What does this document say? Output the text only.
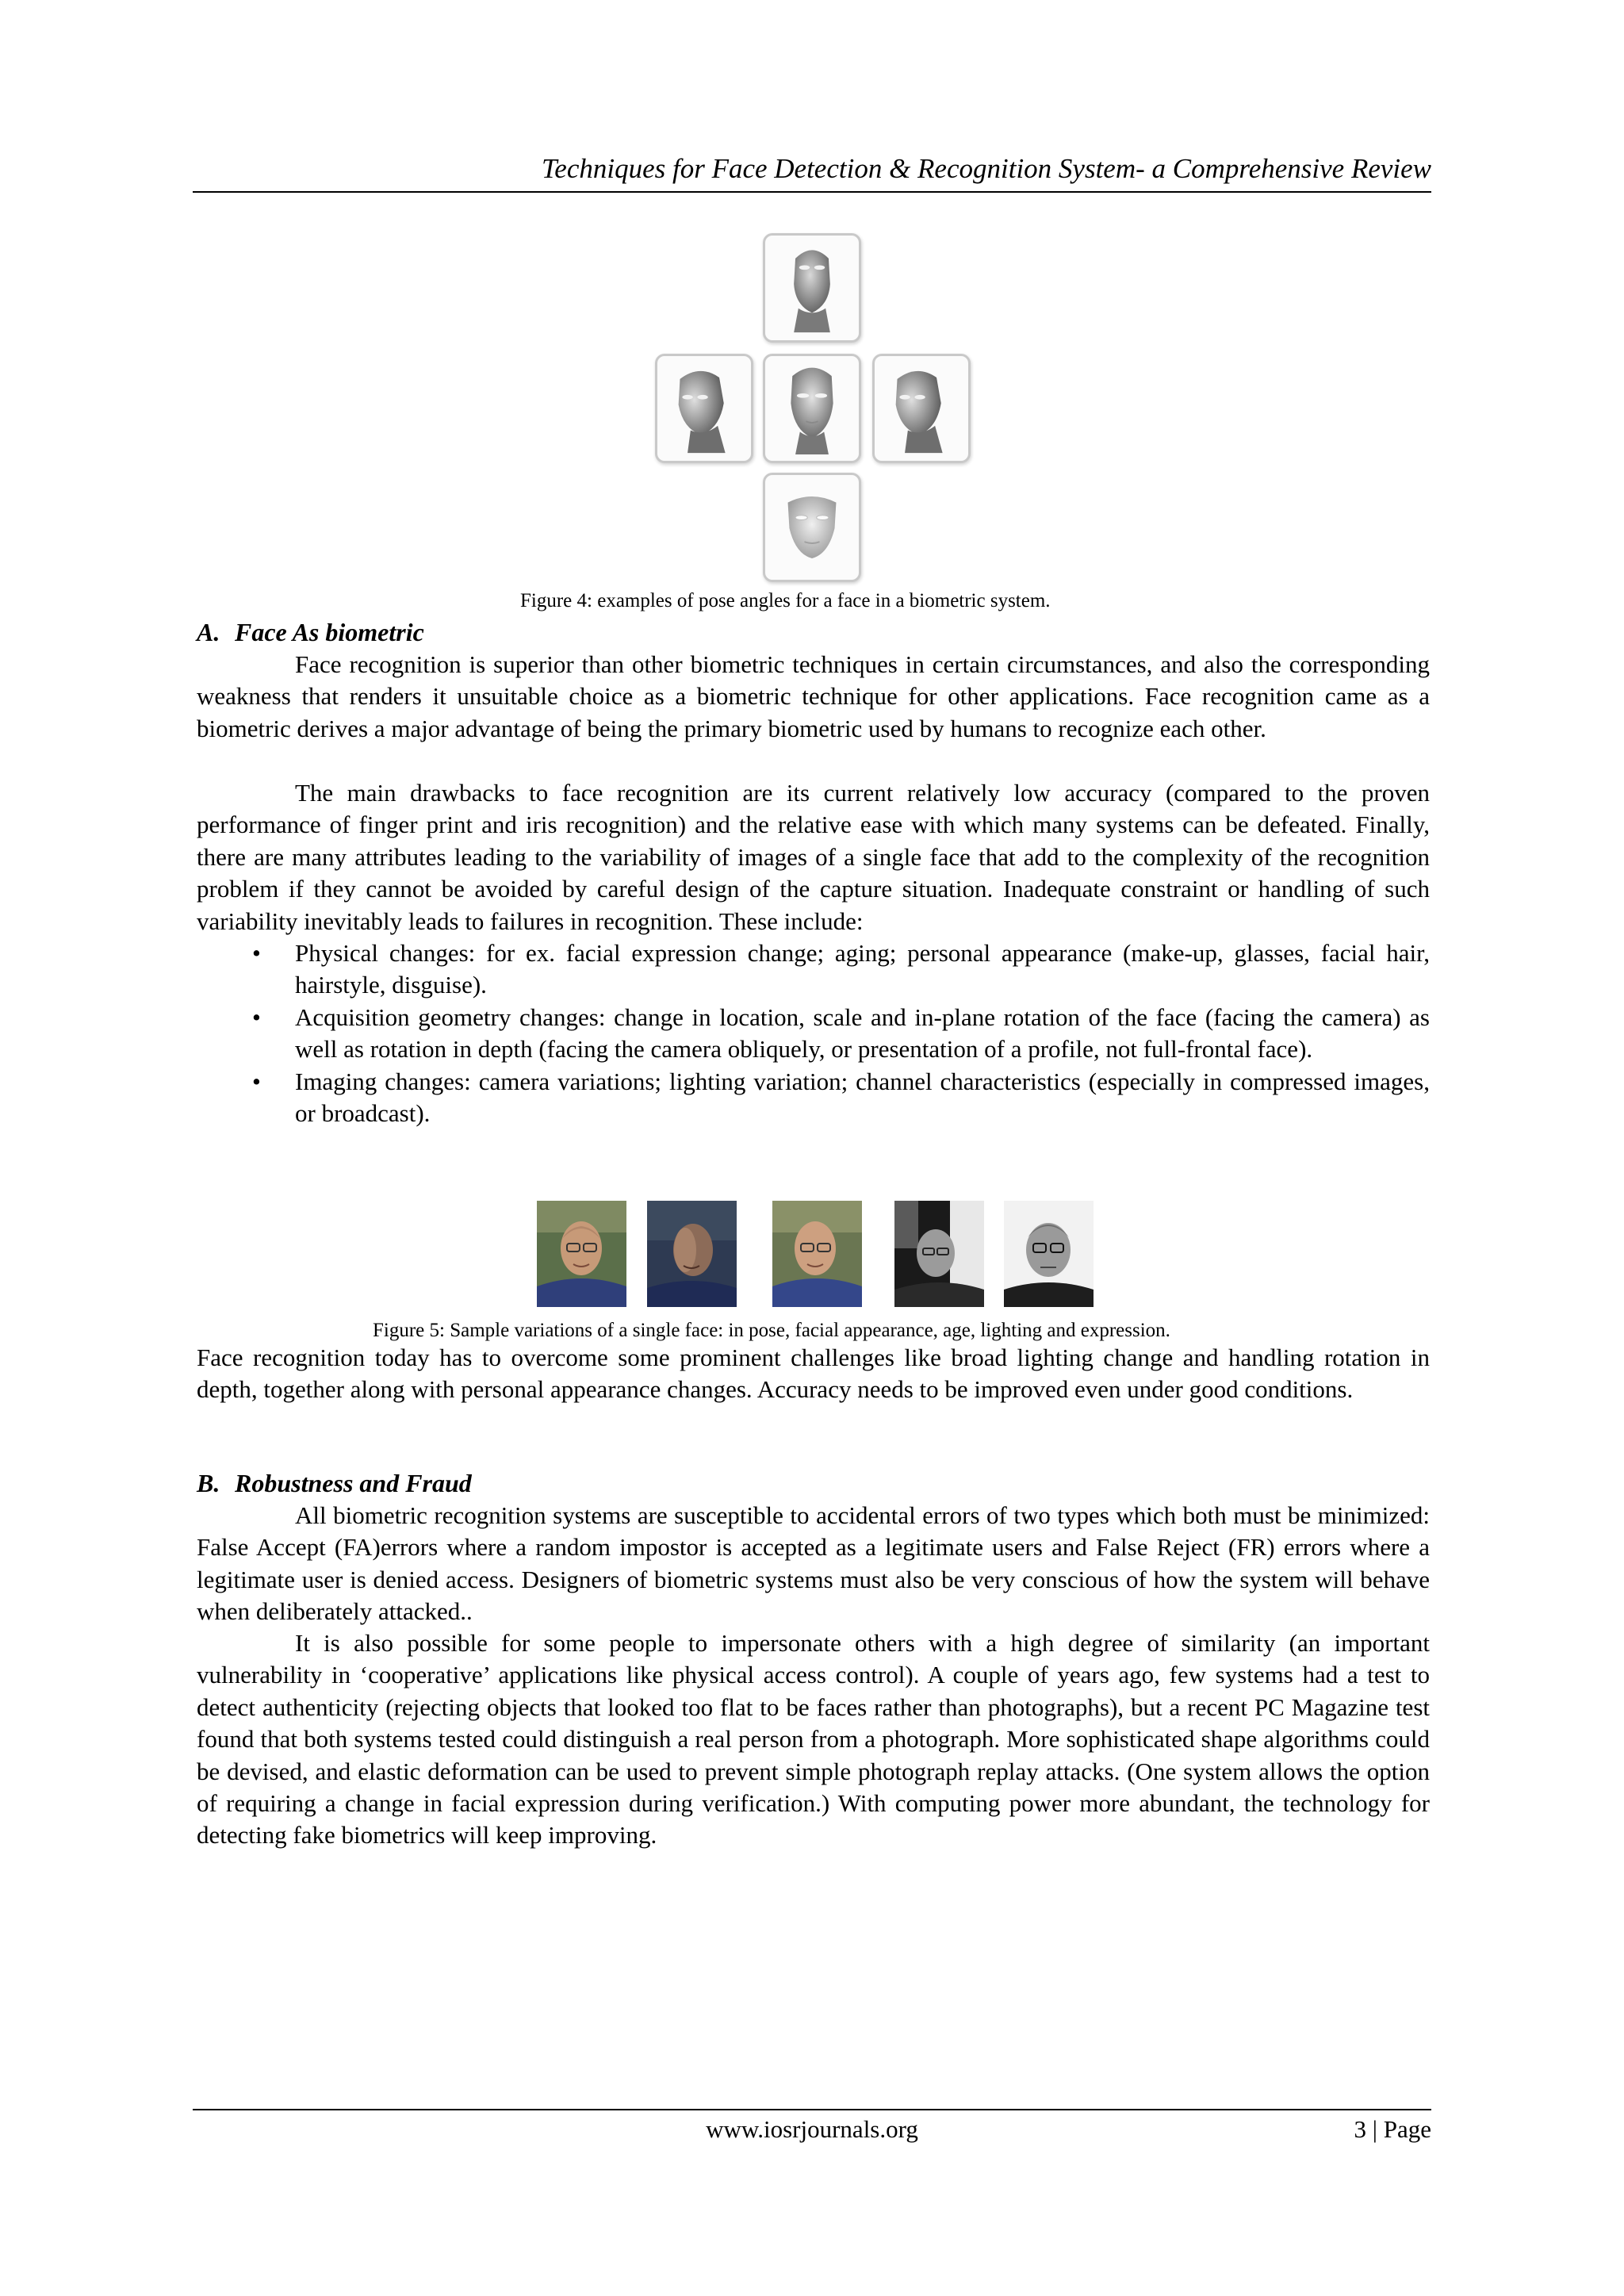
Techniques for Face Detection & Recognition System- a Comprehensive Review
Figure 4: examples of pose angles for a face in a biometric system.
A. Face As biometric

Face recognition is superior than other biometric techniques in certain circumstances, and also the corresponding weakness that renders it unsuitable choice as a biometric technique for other applications. Face recognition came as a biometric derives a major advantage of being the primary biometric used by humans to recognize each other.

The main drawbacks to face recognition are its current relatively low accuracy (compared to the proven performance of finger print and iris recognition) and the relative ease with which many systems can be defeated. Finally, there are many attributes leading to the variability of images of a single face that add to the complexity of the recognition problem if they cannot be avoided by careful design of the capture situation. Inadequate constraint or handling of such variability inevitably leads to failures in recognition. These include:

• Physical changes: for ex. facial expression change; aging; personal appearance (make-up, glasses, facial hair, hairstyle, disguise).
• Acquisition geometry changes: change in location, scale and in-plane rotation of the face (facing the camera) as well as rotation in depth (facing the camera obliquely, or presentation of a profile, not full-frontal face).
• Imaging changes: camera variations; lighting variation; channel characteristics (especially in compressed images, or broadcast).
Figure 5: Sample variations of a single face: in pose, facial appearance, age, lighting and expression.

Face recognition today has to overcome some prominent challenges like broad lighting change and handling rotation in depth, together along with personal appearance changes. Accuracy needs to be improved even under good conditions.

B. Robustness and Fraud

All biometric recognition systems are susceptible to accidental errors of two types which both must be minimized: False Accept (FA)errors where a random impostor is accepted as a legitimate users and False Reject (FR) errors where a legitimate user is denied access. Designers of biometric systems must also be very conscious of how the system will behave when deliberately attacked..

It is also possible for some people to impersonate others with a high degree of similarity (an important vulnerability in ‘cooperative’ applications like physical access control). A couple of years ago, few systems had a test to detect authenticity (rejecting objects that looked too flat to be faces rather than photographs), but a recent PC Magazine test found that both systems tested could distinguish a real person from a photograph. More sophisticated shape algorithms could be devised, and elastic deformation can be used to prevent simple photograph replay attacks. (One system allows the option of requiring a change in facial expression during verification.) With computing power more abundant, the technology for detecting fake biometrics will keep improving.

www.iosrjournals.org	3 | Page
